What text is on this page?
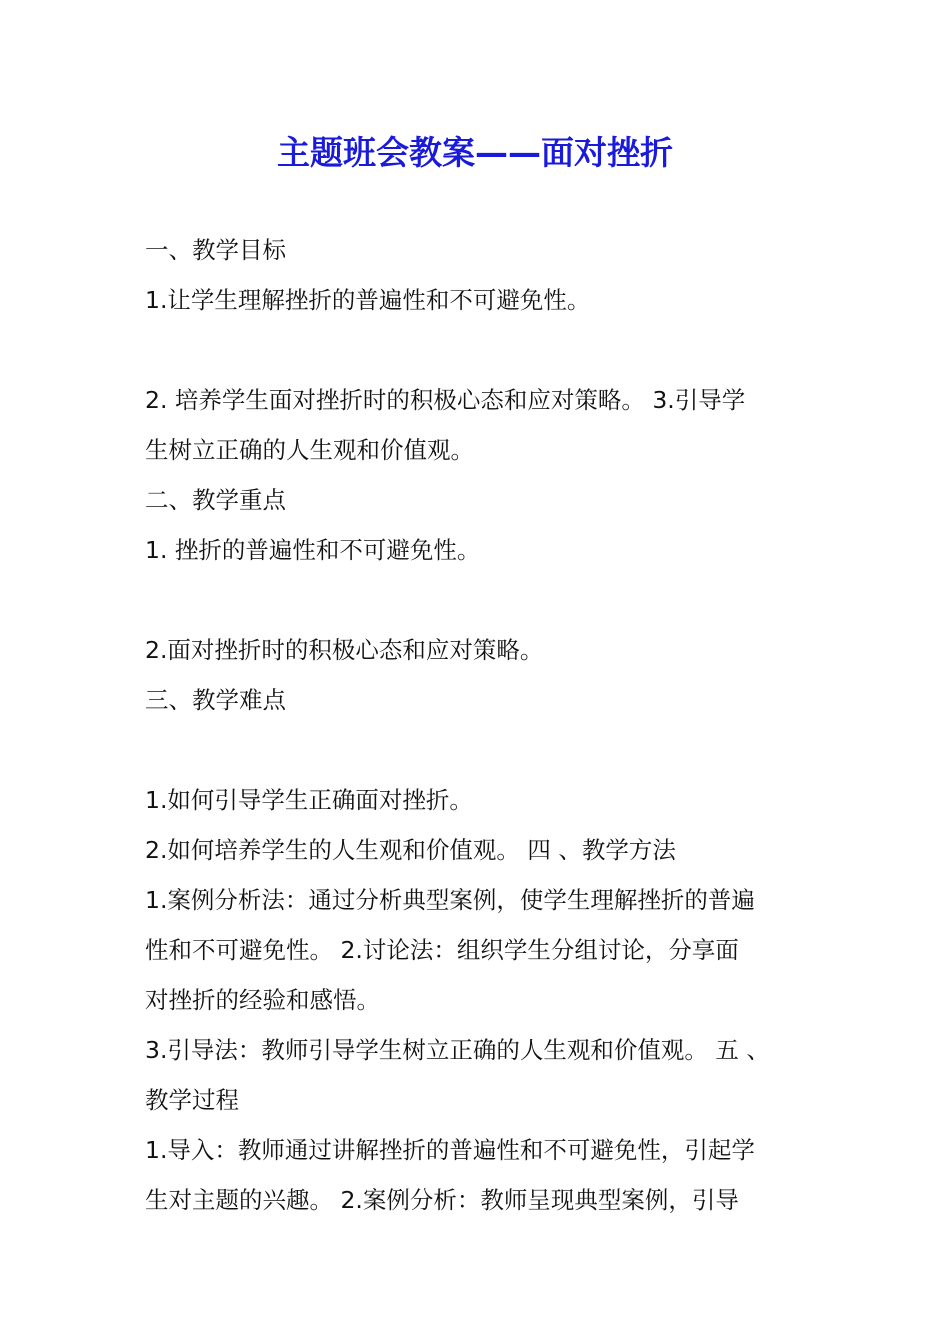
主题班会教案——面对挫折
一、教学目标
1.让学生理解挫折的普遍性和不可避免性。
2. 培养学生面对挫折时的积极心态和应对策略。 3.引导学
生树立正确的人生观和价值观。
二、教学重点
1. 挫折的普遍性和不可避免性。
2.面对挫折时的积极心态和应对策略。
三、教学难点
1.如何引导学生正确面对挫折。
2.如何培养学生的人生观和价值观。 四 、教学方法
1.案例分析法：通过分析典型案例，使学生理解挫折的普遍
性和不可避免性。 2.讨论法：组织学生分组讨论，分享面
对挫折的经验和感悟。
3.引导法：教师引导学生树立正确的人生观和价值观。 五 、
教学过程
1.导入：教师通过讲解挫折的普遍性和不可避免性，引起学
生对主题的兴趣。 2.案例分析：教师呈现典型案例，引导
